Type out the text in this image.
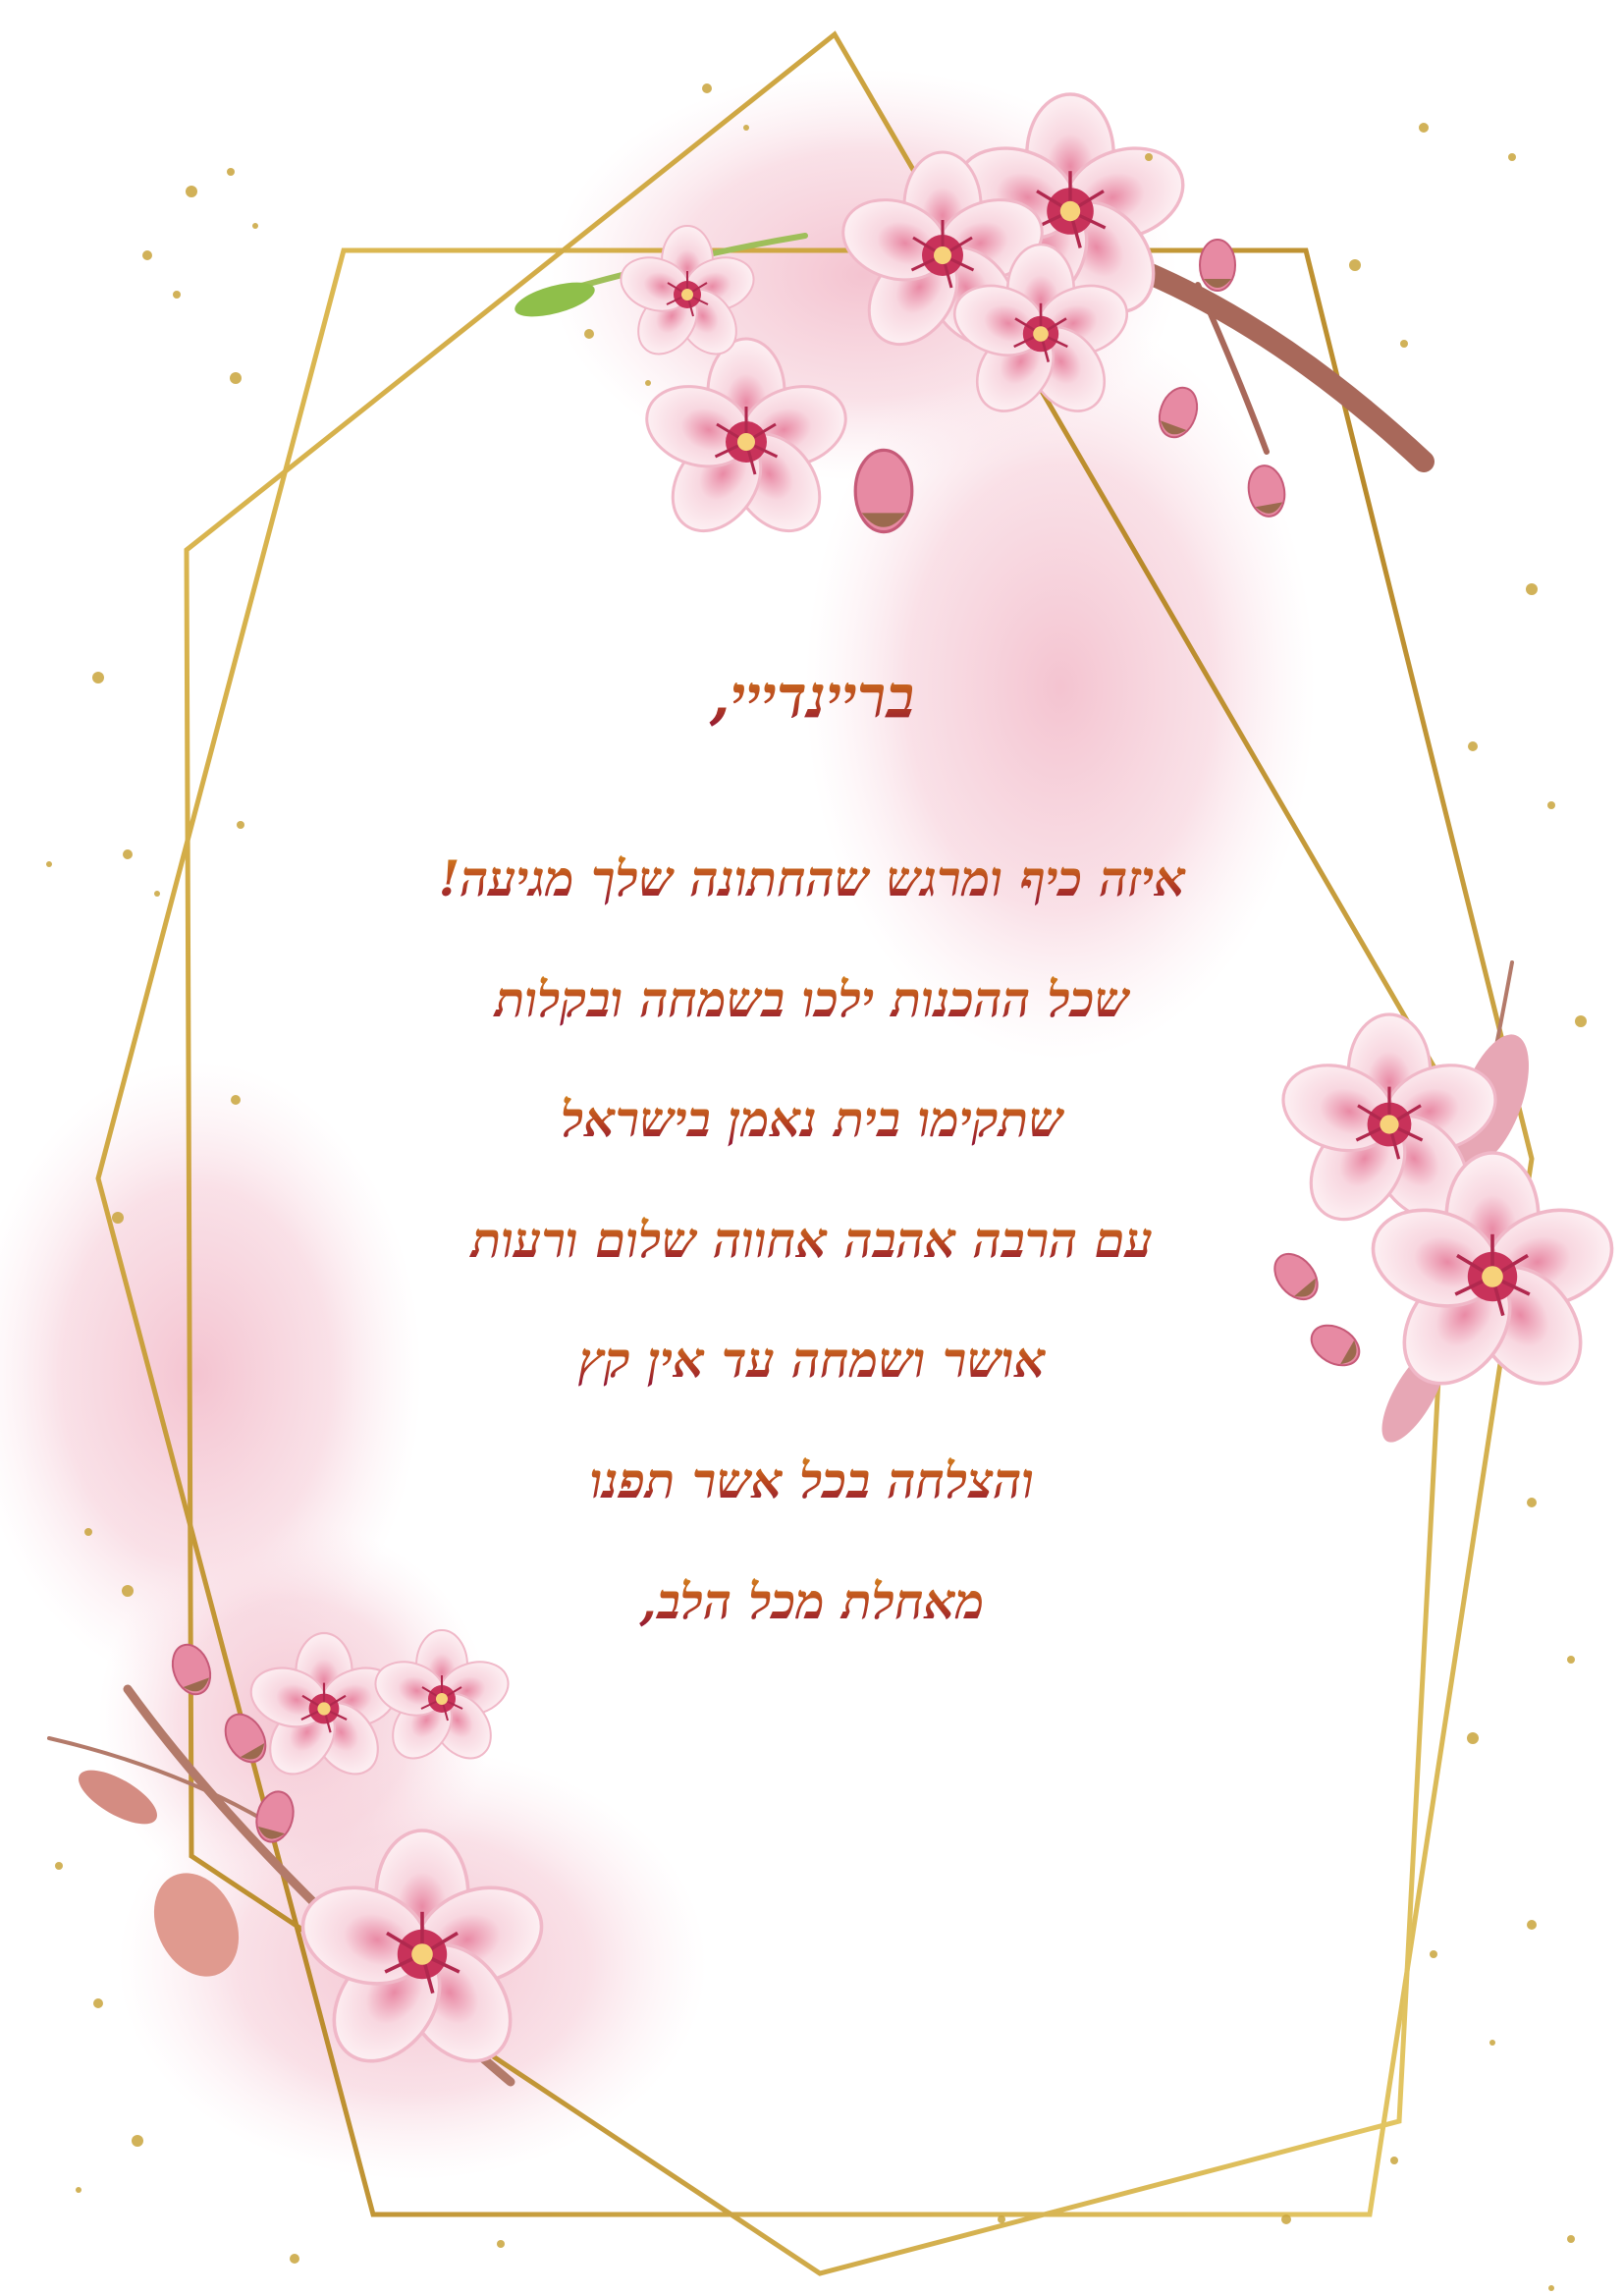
בריינדייי,
איזה כיף ומרגש שהחתונה שלך מגיעה!
שכל ההכנות ילכו בשמחה ובקלות
שתקימו בית נאמן בישראל
עם הרבה אהבה אחווה שלום ורעות
אושר ושמחה עד אין קץ
והצלחה בכל אשר תפנו
מאחלת מכל הלב,
